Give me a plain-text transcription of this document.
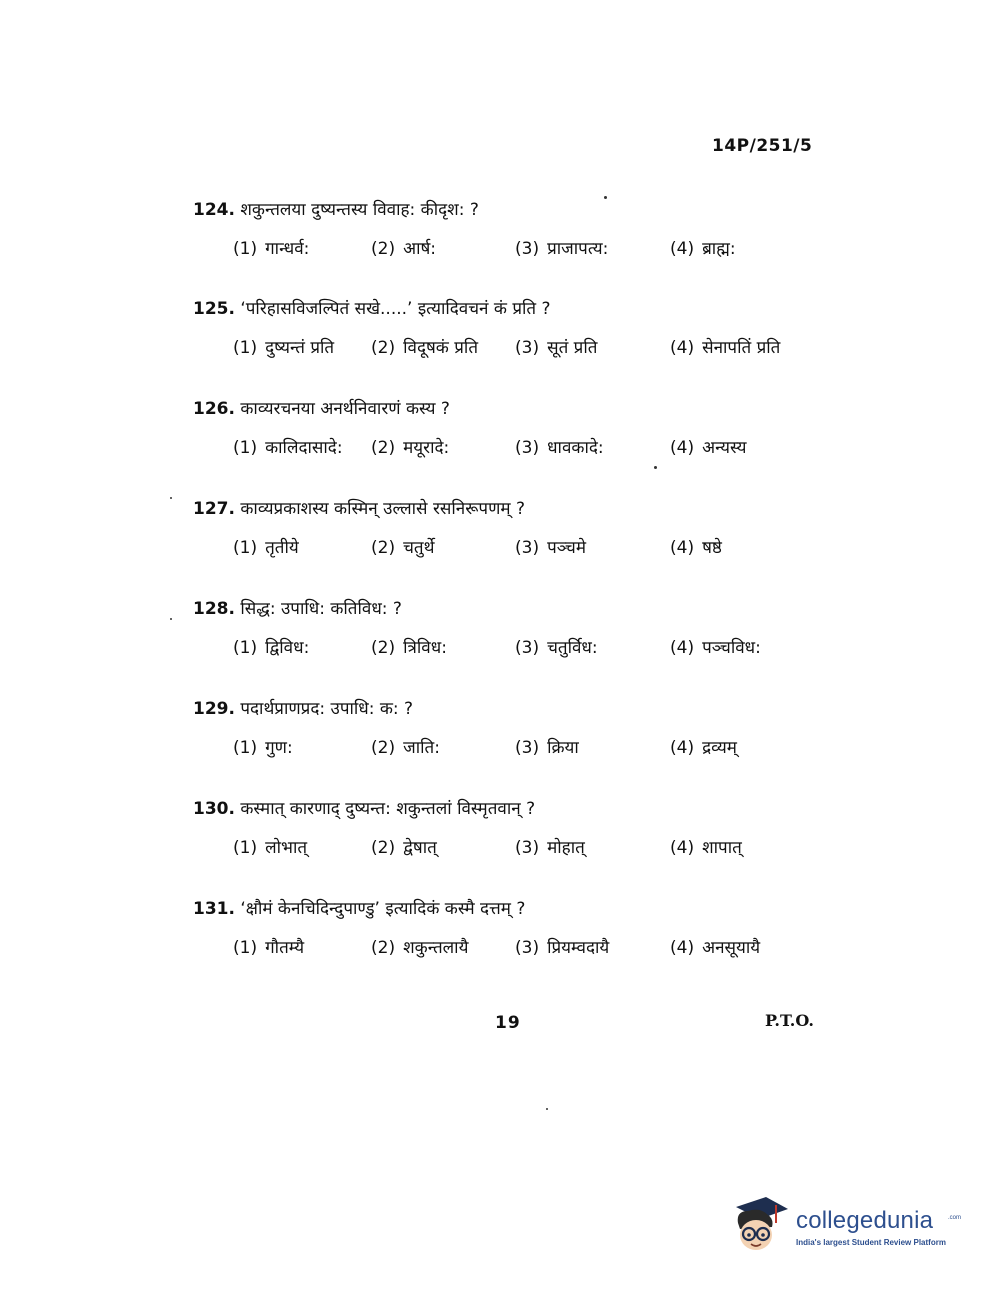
14P/251/5
124. शकुन्तलया दुष्यन्तस्य विवाह: कीदृश: ?
(1) गान्धर्व:	(2) आर्ष:	(3) प्राजापत्य:	(4) ब्राह्म:
125. ‘परिहासविजल्पितं सखे.....’ इत्यादिवचनं कं प्रति ?
(1) दुष्यन्तं प्रति (2) विदूषकं प्रति (3) सूतं प्रति	(4) सेनापतिं प्रति
126. काव्यरचनया अनर्थनिवारणं कस्य ?
(1) कालिदासादे: (2) मयूरादे:	(3) धावकादे:	(4) अन्यस्य
127. काव्यप्रकाशस्य कस्मिन् उल्लासे रसनिरूपणम् ?
(1) तृतीये	(2) चतुर्थे	(3) पञ्चमे	(4) षष्ठे
128. सिद्ध: उपाधि: कतिविध: ?
(1) द्विविध:	(2) त्रिविध:	(3) चतुर्विध:	(4) पञ्चविध:
129. पदार्थप्राणप्रद: उपाधि: क: ?
(1) गुण:	(2) जाति:	(3) क्रिया	(4) द्रव्यम्
130. कस्मात् कारणाद् दुष्यन्त: शकुन्तलां विस्मृतवान् ?
(1) लोभात्	(2) द्वेषात्	(3) मोहात्	(4) शापात्
131. ‘क्षौमं केनचिदिन्दुपाण्डु’ इत्यादिकं कस्मै दत्तम् ?
(1) गौतम्यै	(2) शकुन्तलायै	(3) प्रियम्वदायै	(4) अनसूयायै
19	P.T.O.
collegedunia .com
India's largest Student Review Platform
